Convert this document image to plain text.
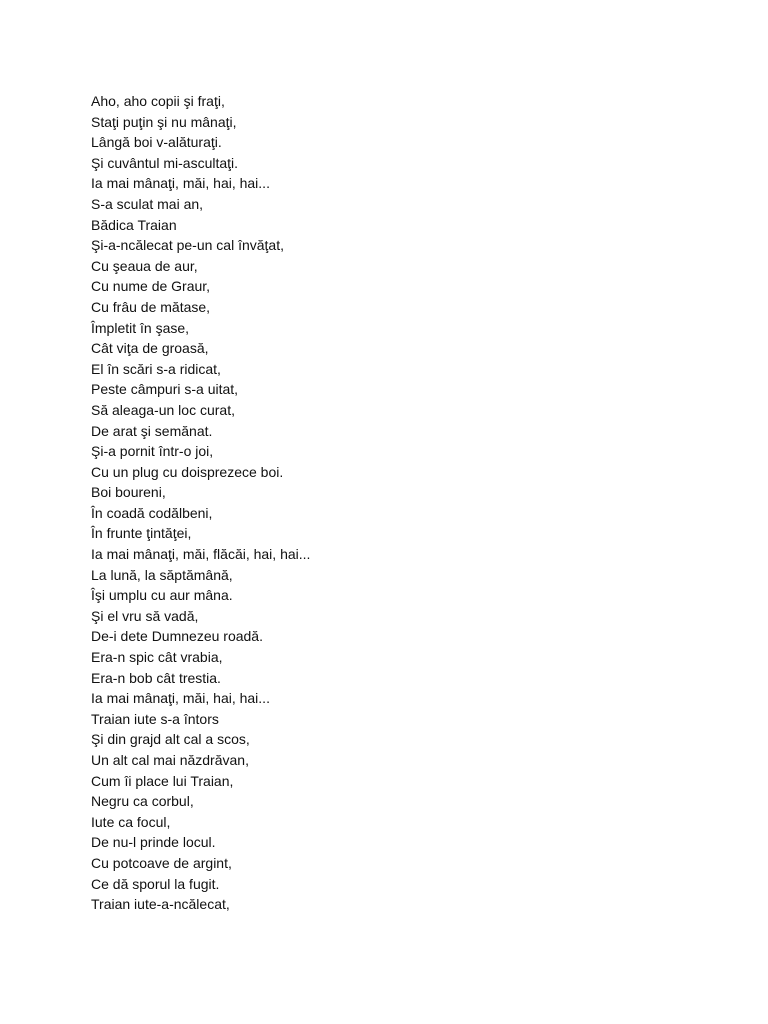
Aho, aho copii şi fraţi,
Staţi puţin şi nu mânaţi,
Lângă boi v-alăturaţi.
Şi cuvântul mi-ascultaţi.
Ia mai mânaţi, măi, hai, hai...
S-a sculat mai an,
Bădica Traian
Şi-a-ncălecat pe-un cal învăţat,
Cu şeaua de aur,
Cu nume de Graur,
Cu frâu de mătase,
Împletit în şase,
Cât viţa de groasă,
El în scări s-a ridicat,
Peste câmpuri s-a uitat,
Să aleaga-un loc curat,
De arat şi semănat.
Şi-a pornit într-o joi,
Cu un plug cu doisprezece boi.
Boi boureni,
În coadă codălbeni,
În frunte ţintăţei,
Ia mai mânaţi, măi, flăcăi, hai, hai...
La lună, la săptămână,
Îşi umplu cu aur mâna.
Şi el vru să vadă,
De-i dete Dumnezeu roadă.
Era-n spic cât vrabia,
Era-n bob cât trestia.
Ia mai mânaţi, măi, hai, hai...
Traian iute s-a întors
Şi din grajd alt cal a scos,
Un alt cal mai năzdrăvan,
Cum îi place lui Traian,
Negru ca corbul,
Iute ca focul,
De nu-l prinde locul.
Cu potcoave de argint,
Ce dă sporul la fugit.
Traian iute-a-ncălecat,
